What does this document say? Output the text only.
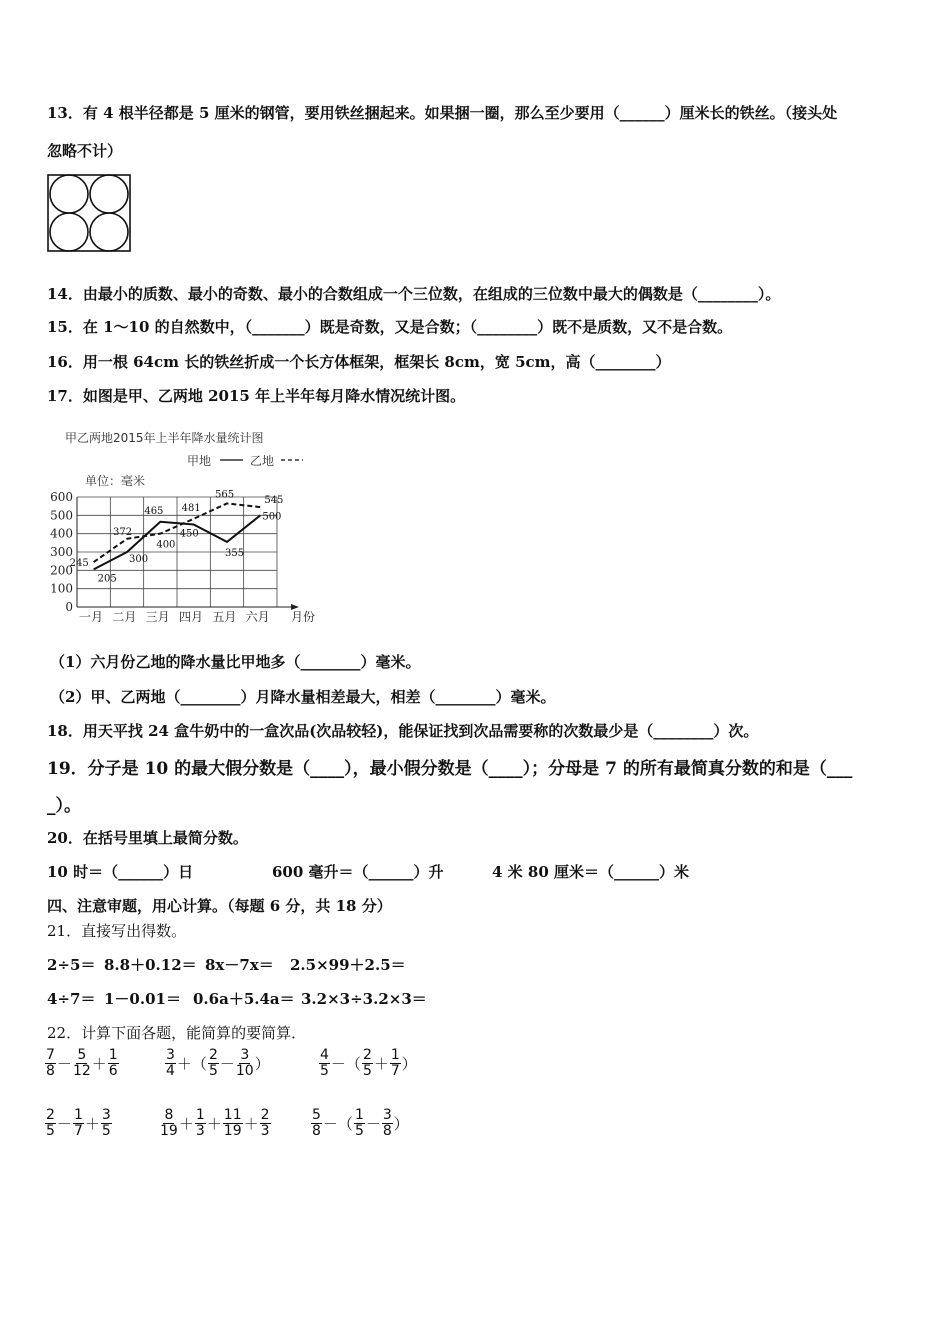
13．有 4 根半径都是 5 厘米的钢管，要用铁丝捆起来。如果捆一圈，那么至少要用（______）厘米长的铁丝。（接头处
忽略不计）
14．由最小的质数、最小的奇数、最小的合数组成一个三位数，在组成的三位数中最大的偶数是（________）。
15．在 1～10 的自然数中，（_______）既是奇数，又是合数；（________）既不是质数，又不是合数。
16．用一根 64cm 长的铁丝折成一个长方体框架，框架长 8cm，宽 5cm，高（________）
17．如图是甲、乙两地 2015 年上半年每月降水情况统计图。
甲乙两地2015年上半年降水量统计图
甲地	乙地
单位：毫米
0
100
200
300
400
500
600
一月 二月 三月 四月 五月 六月 月份
205
300
465
450
355
500
245
372
400
481
565
545
（1）六月份乙地的降水量比甲地多（________）毫米。
（2）甲、乙两地（________）月降水量相差最大，相差（________）毫米。
18．用天平找 24 盒牛奶中的一盒次品(次品较轻)，能保证找到次品需要称的次数最少是（________）次。
19．分子是 10 的最大假分数是（____），最小假分数是（____）；分母是 7 的所有最简真分数的和是（___
_）。
20．在括号里填上最简分数。
10 时＝（______）日	600 毫升＝（______）升	4 米 80 厘米＝（______）米
四、注意审题，用心计算。（每题 6 分，共 18 分）
21．直接写出得数。
2÷5＝ 8.8＋0.12＝ 8x－7x＝ 2.5×99＋2.5＝
4÷7＝ 1－0.01＝ 0.6a＋5.4a＝ 3.2×3÷3.2×3＝
22．计算下面各题，能简算的要简算．
$\frac{7}{8} - \frac{5}{12} + \frac{1}{6}$	$\frac{3}{4}$ ＋（ $\frac{2}{5} - \frac{3}{10}$ ）	$\frac{4}{5}$ －（ $\frac{2}{5} + \frac{1}{7}$ ）
$\frac{2}{5} - \frac{1}{7} + \frac{3}{5}$	$\frac{8}{19} + \frac{1}{3} + \frac{11}{19} + \frac{2}{3}$	$\frac{5}{8}$ －（ $\frac{1}{5} - \frac{3}{8}$ ）
